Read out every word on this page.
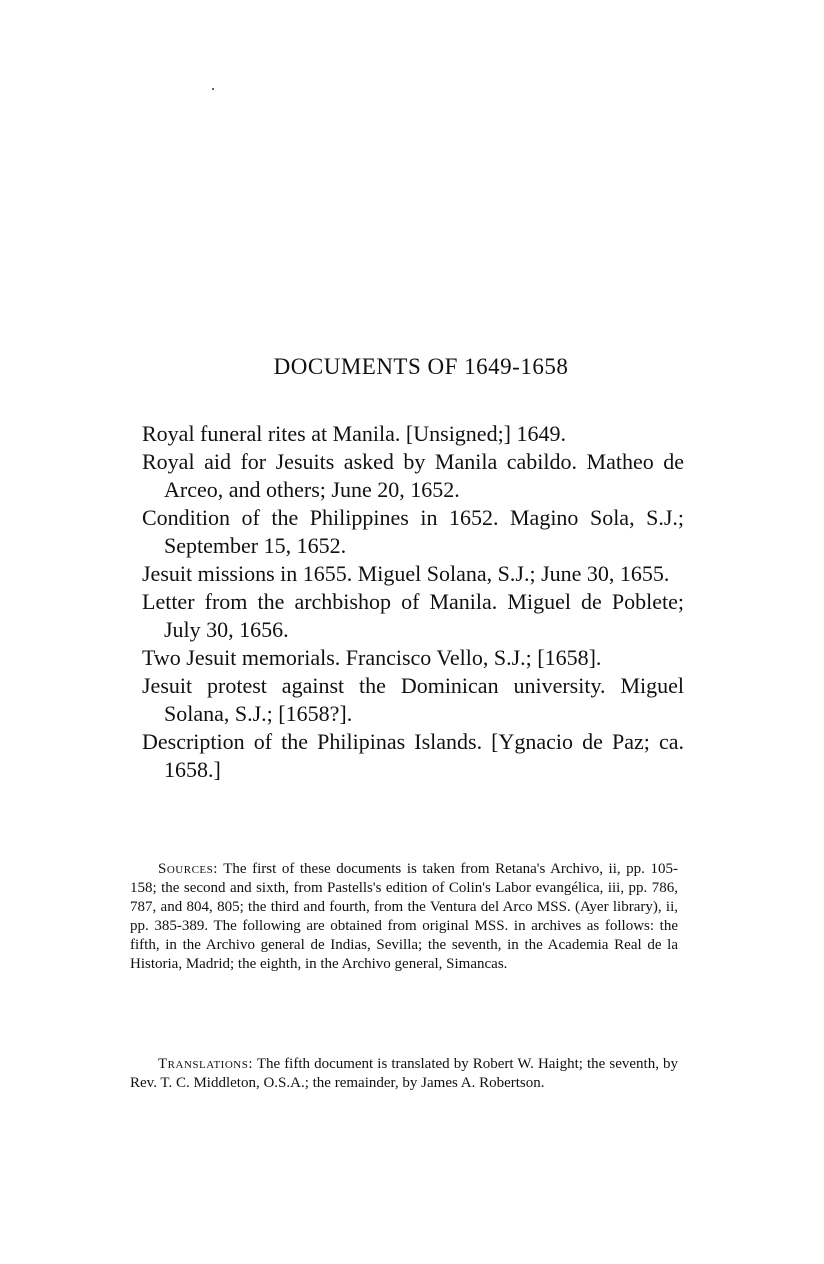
DOCUMENTS OF 1649-1658
Royal funeral rites at Manila. [Unsigned;] 1649.
Royal aid for Jesuits asked by Manila cabildo. Matheo de Arceo, and others; June 20, 1652.
Condition of the Philippines in 1652. Magino Sola, S.J.; September 15, 1652.
Jesuit missions in 1655. Miguel Solana, S.J.; June 30, 1655.
Letter from the archbishop of Manila. Miguel de Poblete; July 30, 1656.
Two Jesuit memorials. Francisco Vello, S.J.; [1658].
Jesuit protest against the Dominican university. Miguel Solana, S.J.; [1658?].
Description of the Philipinas Islands. [Ygnacio de Paz; ca. 1658.]

Sources: The first of these documents is taken from Retana's Archivo, ii, pp. 105-158; the second and sixth, from Pastells's edition of Colin's Labor evangélica, iii, pp. 786, 787, and 804, 805; the third and fourth, from the Ventura del Arco MSS. (Ayer library), ii, pp. 385-389. The following are obtained from original MSS. in archives as follows: the fifth, in the Archivo general de Indias, Sevilla; the seventh, in the Academia Real de la Historia, Madrid; the eighth, in the Archivo general, Simancas.

Translations: The fifth document is translated by Robert W. Haight; the seventh, by Rev. T. C. Middleton, O.S.A.; the remainder, by James A. Robertson.
